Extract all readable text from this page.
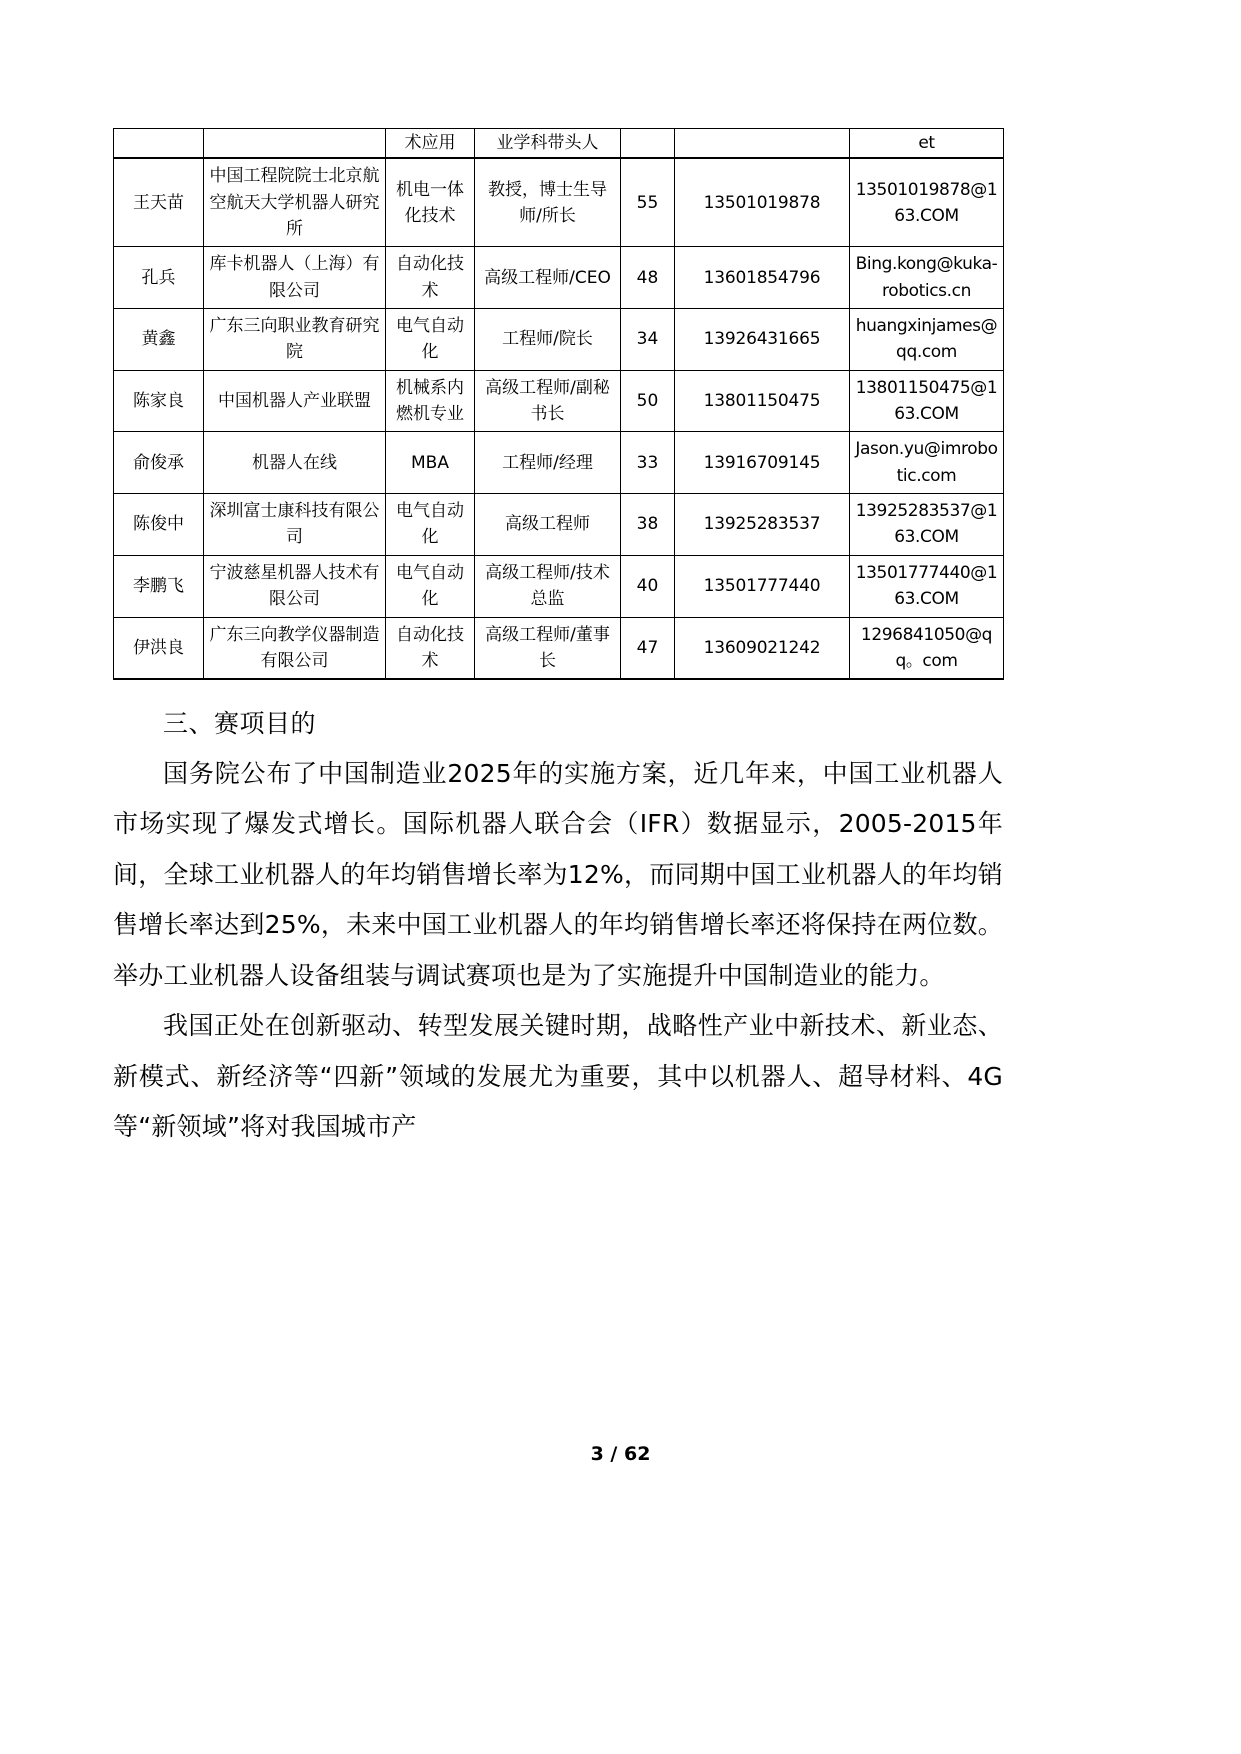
		术应用	业学科带头人			et
王天苗	中国工程院院士北京航空航天大学机器人研究所	机电一体化技术	教授，博士生导师/所长	55	13501019878	13501019878@163.COM
孔兵	库卡机器人（上海）有限公司	自动化技术	高级工程师/CEO	48	13601854796	Bing.kong@kuka-robotics.cn
黄鑫	广东三向职业教育研究院	电气自动化	工程师/院长	34	13926431665	huangxinjames@qq.com
陈家良	中国机器人产业联盟	机械系内燃机专业	高级工程师/副秘书长	50	13801150475	13801150475@163.COM
俞俊承	机器人在线	MBA	工程师/经理	33	13916709145	Jason.yu@imrobotic.com
陈俊中	深圳富士康科技有限公司	电气自动化	高级工程师	38	13925283537	13925283537@163.COM
李鹏飞	宁波慈星机器人技术有限公司	电气自动化	高级工程师/技术总监	40	13501777440	13501777440@163.COM
伊洪良	广东三向教学仪器制造有限公司	自动化技术	高级工程师/董事长	47	13609021242	1296841050@qq。com
三、赛项目的

国务院公布了中国制造业2025年的实施方案，近几年来，中国工业机器人市场实现了爆发式增长。国际机器人联合会（IFR）数据显示，2005-2015年间，全球工业机器人的年均销售增长率为12%，而同期中国工业机器人的年均销售增长率达到25%，未来中国工业机器人的年均销售增长率还将保持在两位数。举办工业机器人设备组装与调试赛项也是为了实施提升中国制造业的能力。

我国正处在创新驱动、转型发展关键时期，战略性产业中新技术、新业态、新模式、新经济等“四新”领域的发展尤为重要，其中以机器人、超导材料、4G等“新领域”将对我国城市产

3 / 62
